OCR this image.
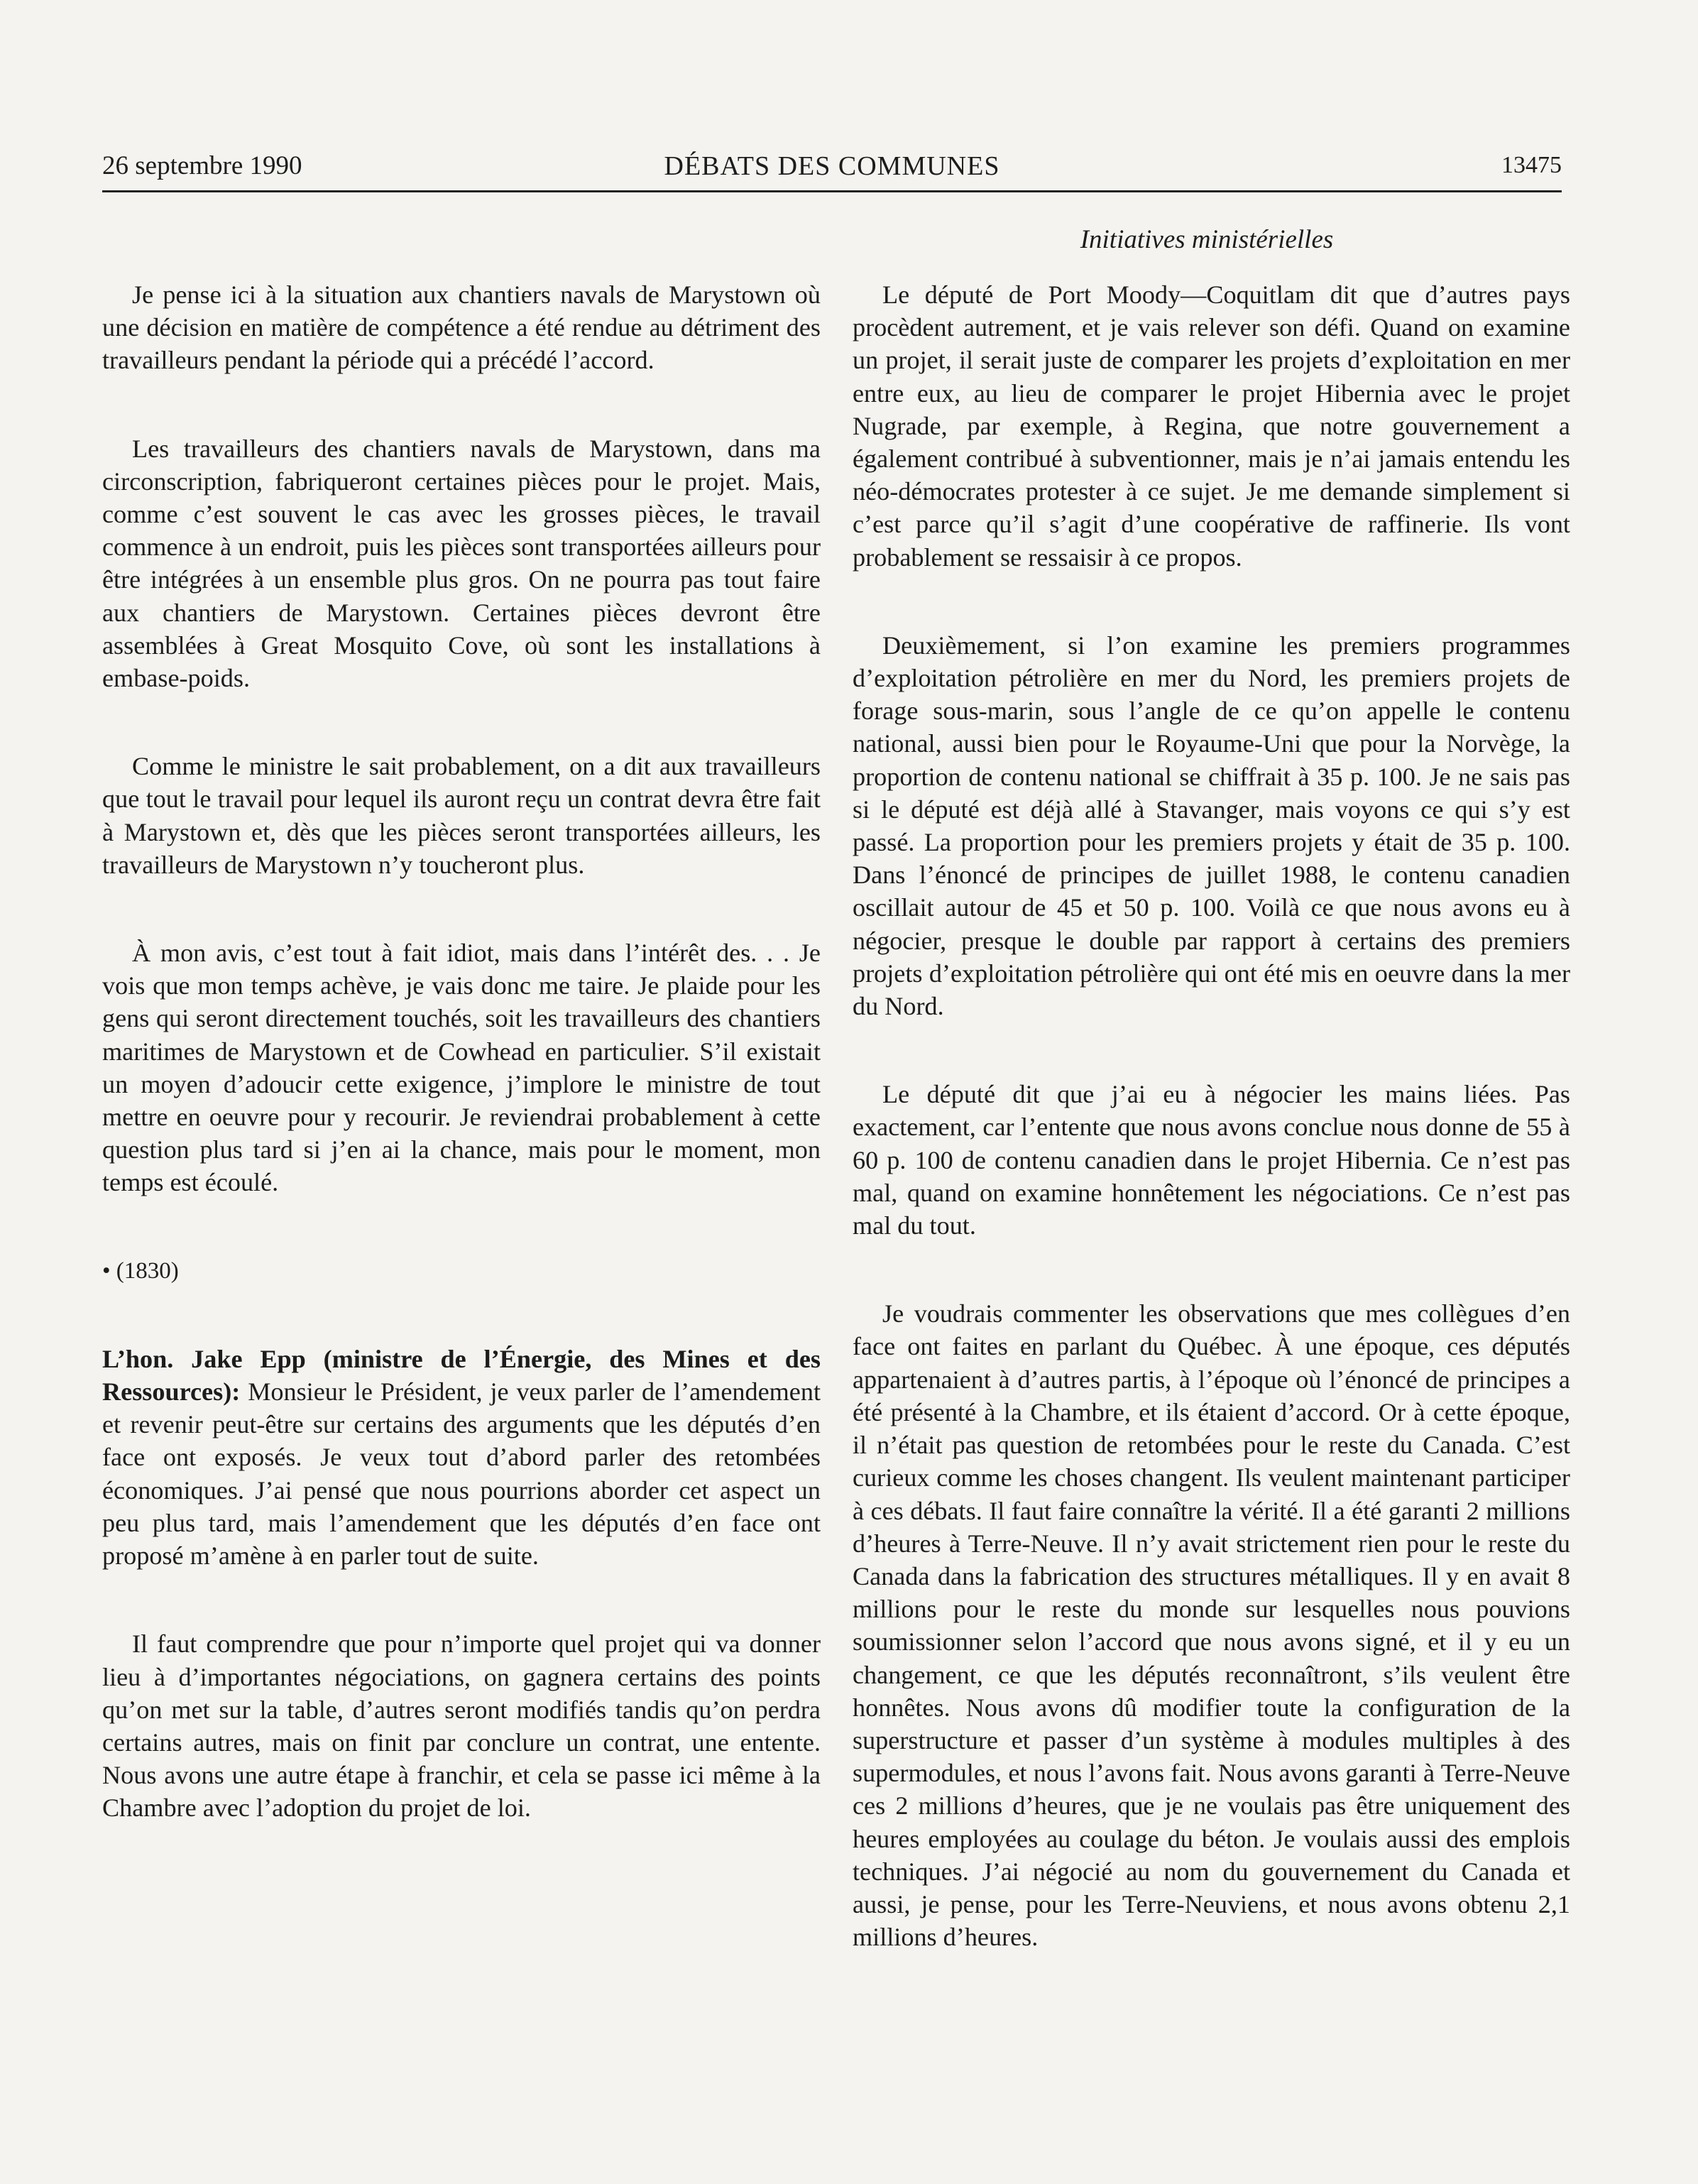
26 septembre 1990	DÉBATS DES COMMUNES	13475
Initiatives ministérielles

Je pense ici à la situation aux chantiers navals de Marystown où une décision en matière de compétence a été rendue au détriment des travailleurs pendant la période qui a précédé l’accord.

Les travailleurs des chantiers navals de Marystown, dans ma circonscription, fabriqueront certaines pièces pour le projet. Mais, comme c’est souvent le cas avec les grosses pièces, le travail commence à un endroit, puis les pièces sont transportées ailleurs pour être intégrées à un ensemble plus gros. On ne pourra pas tout faire aux chantiers de Marystown. Certaines pièces devront être assemblées à Great Mosquito Cove, où sont les installations à embase-poids.

Comme le ministre le sait probablement, on a dit aux travailleurs que tout le travail pour lequel ils auront reçu un contrat devra être fait à Marystown et, dès que les pièces seront transportées ailleurs, les travailleurs de Marystown n’y toucheront plus.

À mon avis, c’est tout à fait idiot, mais dans l’intérêt des. . . Je vois que mon temps achève, je vais donc me taire. Je plaide pour les gens qui seront directement touchés, soit les travailleurs des chantiers maritimes de Marystown et de Cowhead en particulier. S’il existait un moyen d’adoucir cette exigence, j’implore le ministre de tout mettre en oeuvre pour y recourir. Je reviendrai probablement à cette question plus tard si j’en ai la chance, mais pour le moment, mon temps est écoulé.

• (1830)

L’hon. Jake Epp (ministre de l’Énergie, des Mines et des Ressources): Monsieur le Président, je veux parler de l’amendement et revenir peut-être sur certains des arguments que les députés d’en face ont exposés. Je veux tout d’abord parler des retombées économiques. J’ai pensé que nous pourrions aborder cet aspect un peu plus tard, mais l’amendement que les députés d’en face ont proposé m’amène à en parler tout de suite.

Il faut comprendre que pour n’importe quel projet qui va donner lieu à d’importantes négociations, on gagnera certains des points qu’on met sur la table, d’autres seront modifiés tandis qu’on perdra certains autres, mais on finit par conclure un contrat, une entente. Nous avons une autre étape à franchir, et cela se passe ici même à la Chambre avec l’adoption du projet de loi.

Le député de Port Moody—Coquitlam dit que d’autres pays procèdent autrement, et je vais relever son défi. Quand on examine un projet, il serait juste de comparer les projets d’exploitation en mer entre eux, au lieu de comparer le projet Hibernia avec le projet Nugrade, par exemple, à Regina, que notre gouvernement a également contribué à subventionner, mais je n’ai jamais entendu les néo-démocrates protester à ce sujet. Je me demande simplement si c’est parce qu’il s’agit d’une coopérative de raffinerie. Ils vont probablement se ressaisir à ce propos.

Deuxièmement, si l’on examine les premiers programmes d’exploitation pétrolière en mer du Nord, les premiers projets de forage sous-marin, sous l’angle de ce qu’on appelle le contenu national, aussi bien pour le Royaume-Uni que pour la Norvège, la proportion de contenu national se chiffrait à 35 p. 100. Je ne sais pas si le député est déjà allé à Stavanger, mais voyons ce qui s’y est passé. La proportion pour les premiers projets y était de 35 p. 100. Dans l’énoncé de principes de juillet 1988, le contenu canadien oscillait autour de 45 et 50 p. 100. Voilà ce que nous avons eu à négocier, presque le double par rapport à certains des premiers projets d’exploitation pétrolière qui ont été mis en oeuvre dans la mer du Nord.

Le député dit que j’ai eu à négocier les mains liées. Pas exactement, car l’entente que nous avons conclue nous donne de 55 à 60 p. 100 de contenu canadien dans le projet Hibernia. Ce n’est pas mal, quand on examine honnêtement les négociations. Ce n’est pas mal du tout.

Je voudrais commenter les observations que mes collègues d’en face ont faites en parlant du Québec. À une époque, ces députés appartenaient à d’autres partis, à l’époque où l’énoncé de principes a été présenté à la Chambre, et ils étaient d’accord. Or à cette époque, il n’était pas question de retombées pour le reste du Canada. C’est curieux comme les choses changent. Ils veulent maintenant participer à ces débats. Il faut faire connaître la vérité. Il a été garanti 2 millions d’heures à Terre-Neuve. Il n’y avait strictement rien pour le reste du Canada dans la fabrication des structures métalliques. Il y en avait 8 millions pour le reste du monde sur lesquelles nous pouvions soumissionner selon l’accord que nous avons signé, et il y eu un changement, ce que les députés reconnaîtront, s’ils veulent être honnêtes. Nous avons dû modifier toute la configuration de la superstructure et passer d’un système à modules multiples à des supermodules, et nous l’avons fait. Nous avons garanti à Terre-Neuve ces 2 millions d’heures, que je ne voulais pas être uniquement des heures employées au coulage du béton. Je voulais aussi des emplois techniques. J’ai négocié au nom du gouvernement du Canada et aussi, je pense, pour les Terre-Neuviens, et nous avons obtenu 2,1 millions d’heures.
